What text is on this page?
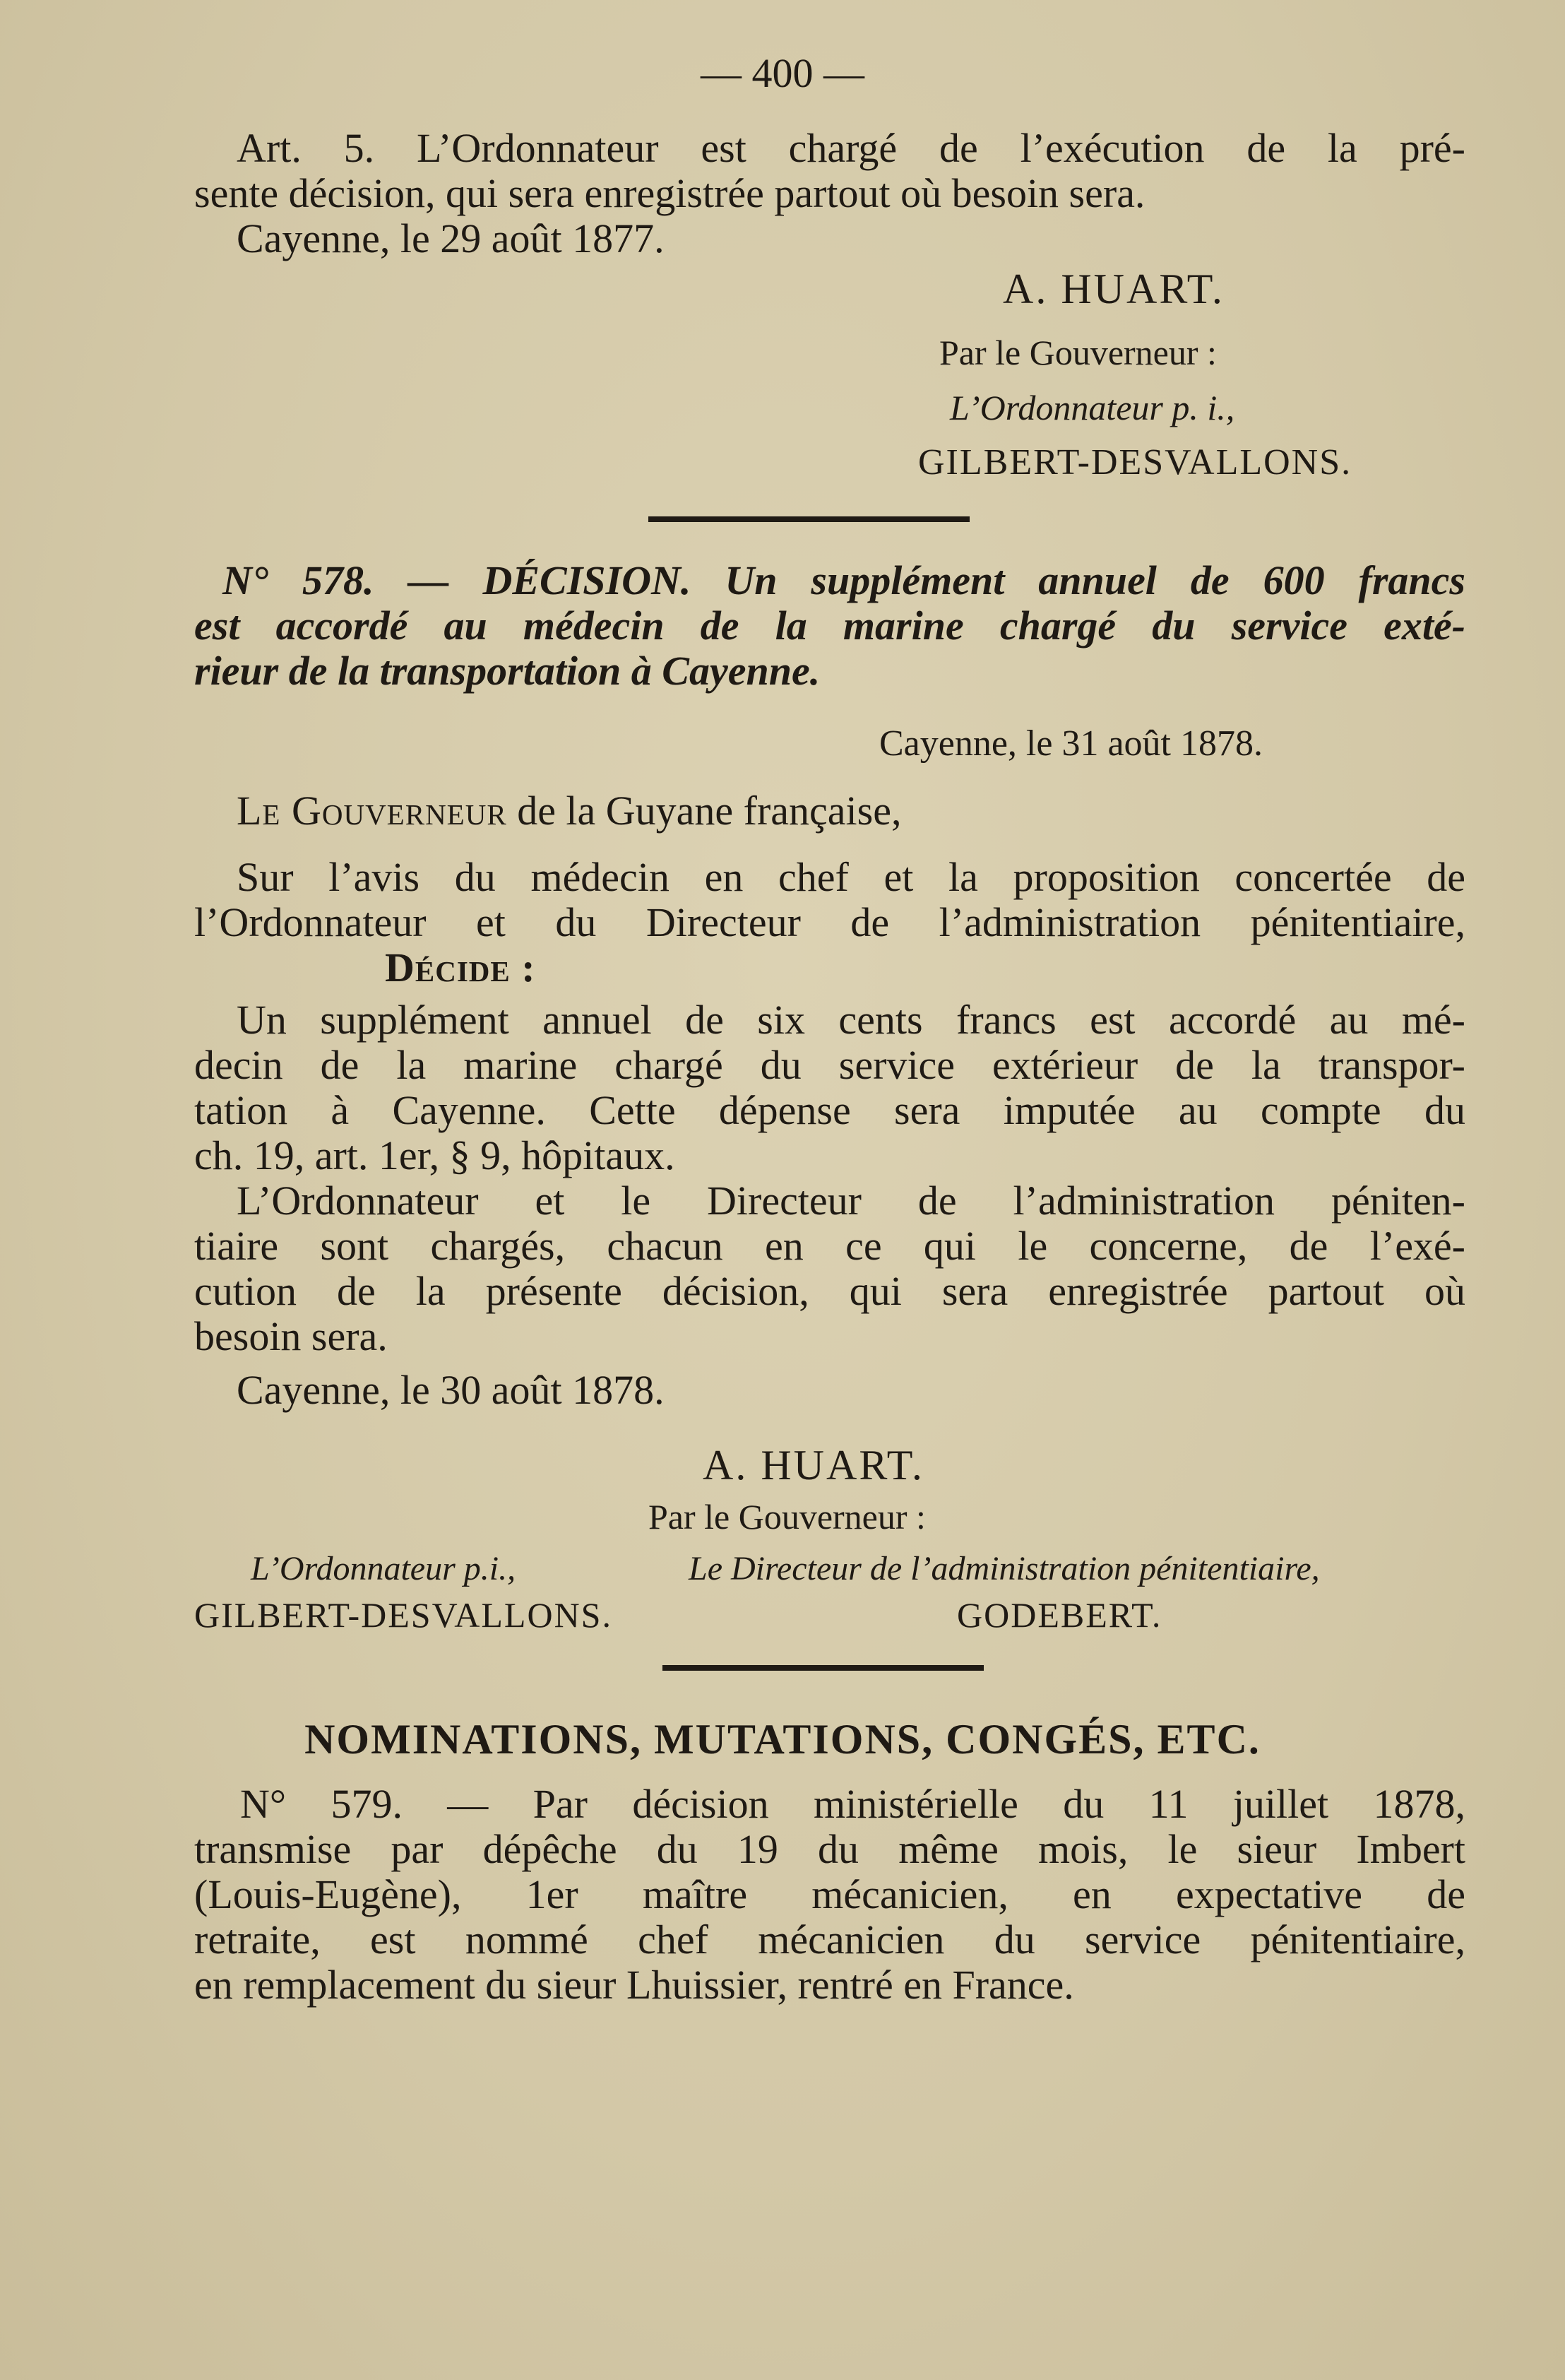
— 400 —
Art. 5. L’Ordonnateur est chargé de l’exécution de la pré-
sente décision, qui sera enregistrée partout où besoin sera.
Cayenne, le 29 août 1877.
A. HUART.
Par le Gouverneur :
L’Ordonnateur p. i.,
GILBERT-DESVALLONS.
N° 578. — DÉCISION. Un supplément annuel de 600 francs
est accordé au médecin de la marine chargé du service exté-
rieur de la transportation à Cayenne.
Cayenne, le 31 août 1878.
Le Gouverneur de la Guyane française,
Sur l’avis du médecin en chef et la proposition concertée de
l’Ordonnateur et du Directeur de l’administration pénitentiaire,
Décide :
Un supplément annuel de six cents francs est accordé au mé-
decin de la marine chargé du service extérieur de la transpor-
tation à Cayenne. Cette dépense sera imputée au compte du
ch. 19, art. 1er, § 9, hôpitaux.
L’Ordonnateur et le Directeur de l’administration péniten-
tiaire sont chargés, chacun en ce qui le concerne, de l’exé-
cution de la présente décision, qui sera enregistrée partout où
besoin sera.
Cayenne, le 30 août 1878.
A. HUART.
Par le Gouverneur :
L’Ordonnateur p.i.,	Le Directeur de l’administration pénitentiaire,
GILBERT-DESVALLONS.	GODEBERT.
NOMINATIONS, MUTATIONS, CONGÉS, ETC.
N° 579. — Par décision ministérielle du 11 juillet 1878,
transmise par dépêche du 19 du même mois, le sieur Imbert
(Louis-Eugène), 1er maître mécanicien, en expectative de
retraite, est nommé chef mécanicien du service pénitentiaire,
en remplacement du sieur Lhuissier, rentré en France.
